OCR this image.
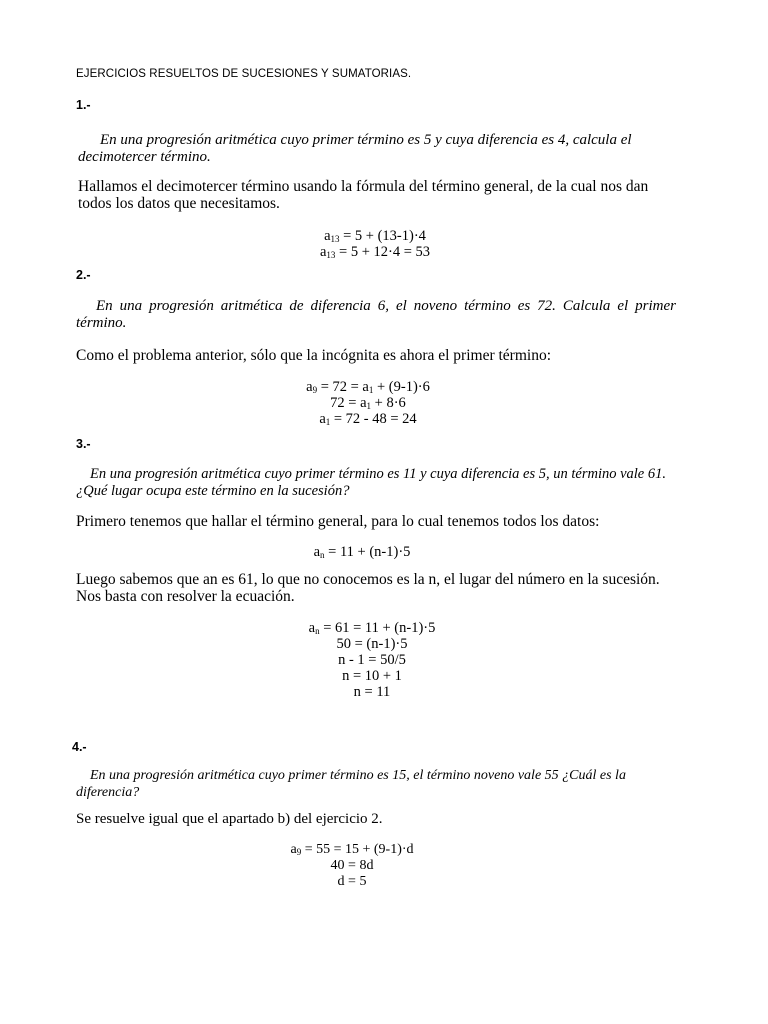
EJERCICIOS RESUELTOS DE SUCESIONES Y SUMATORIAS.
1.-
En una progresión aritmética cuyo primer término es 5 y cuya diferencia es 4, calcula el decimotercer término.
Hallamos el decimotercer término usando la fórmula del término general, de la cual nos dan todos los datos que necesitamos.
$a_{13} = 5 + (13-1)\cdot 4$
$a_{13} = 5 + 12\cdot 4 = 53$
2.-
En una progresión aritmética de diferencia 6, el noveno término es 72. Calcula el primer término.
Como el problema anterior, sólo que la incógnita es ahora el primer término:
$a_9 = 72 = a_1 + (9-1)\cdot 6$
$72 = a_1 + 8\cdot 6$
$a_1 = 72 - 48 = 24$
3.-
En una progresión aritmética cuyo primer término es 11 y cuya diferencia es 5, un término vale 61. ¿Qué lugar ocupa este término en la sucesión?
Primero tenemos que hallar el término general, para lo cual tenemos todos los datos:
$a_n = 11 + (n-1)\cdot 5$
Luego sabemos que an es 61, lo que no conocemos es la n, el lugar del número en la sucesión. Nos basta con resolver la ecuación.
$a_n = 61 = 11 + (n-1)\cdot 5$
50 = (n-1)·5
n - 1 = 50/5
n = 10 + 1
n = 11
4.-
En una progresión aritmética cuyo primer término es 15, el término noveno vale 55 ¿Cuál es la diferencia?
Se resuelve igual que el apartado b) del ejercicio 2.
$a_9 = 55 = 15 + (9-1)\cdot d$
40 = 8d
d = 5
